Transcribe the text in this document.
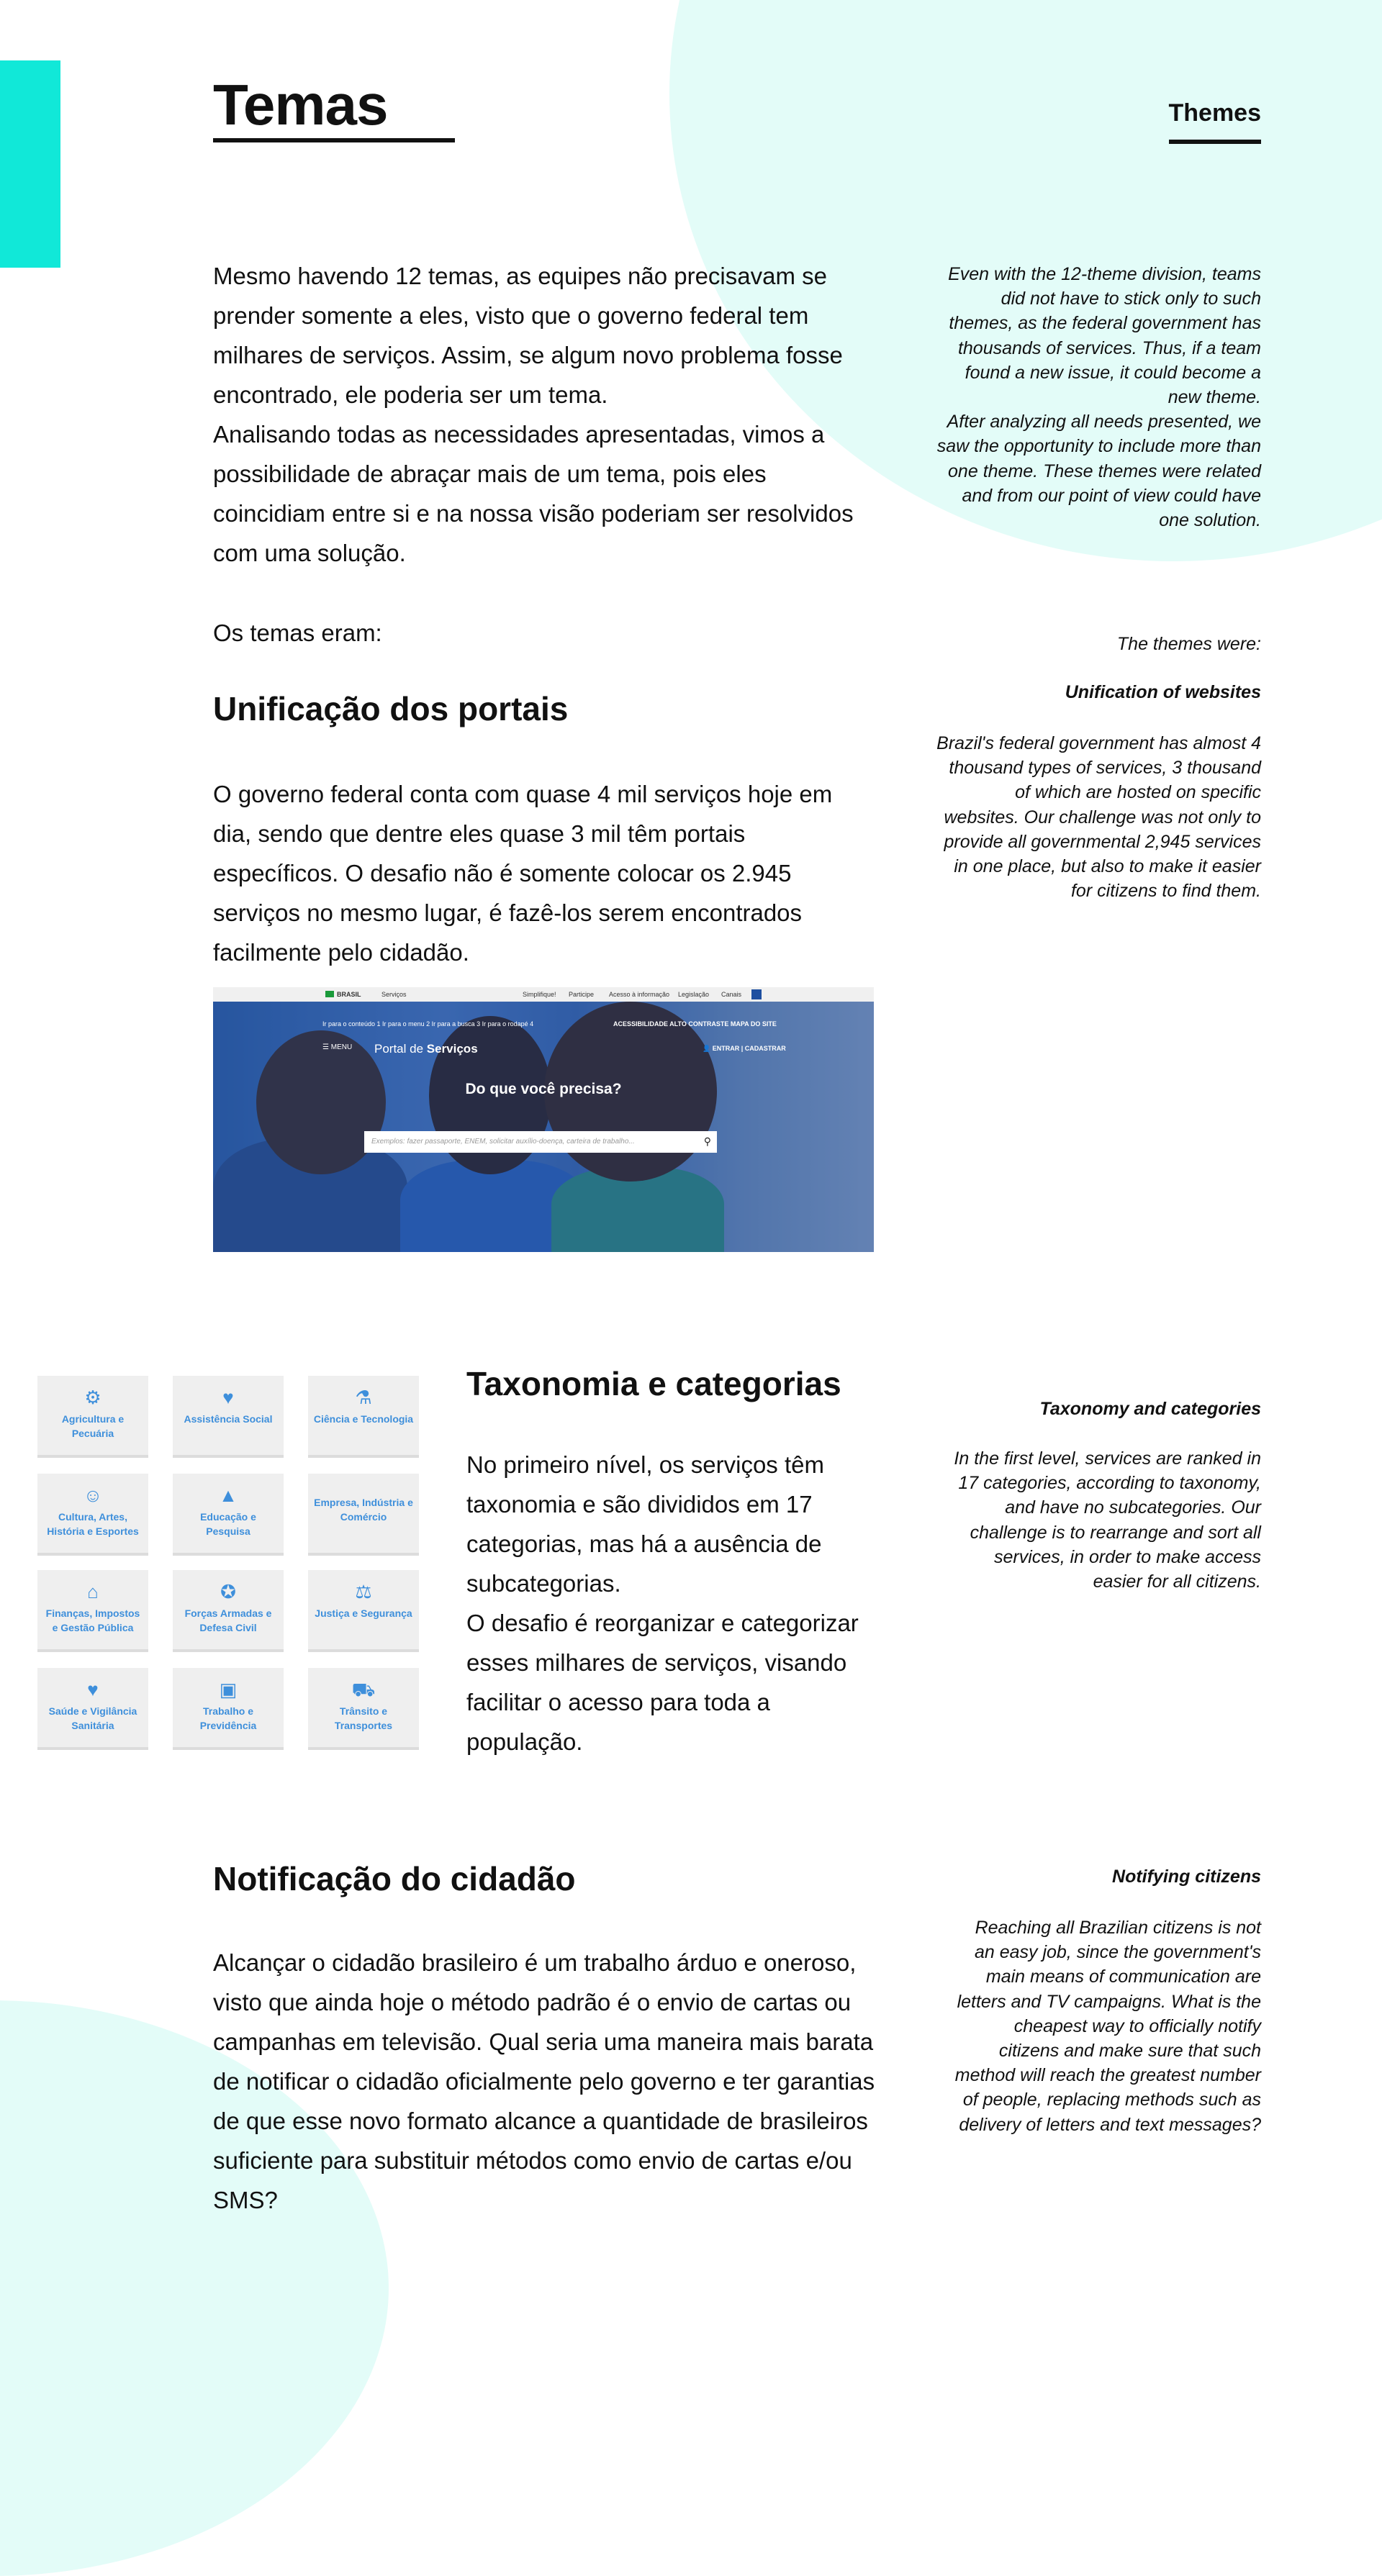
Temas	Themes

Mesmo havendo 12 temas, as equipes não precisavam se prender somente a eles, visto que o governo federal tem milhares de serviços. Assim, se algum novo problema fosse encontrado, ele poderia ser um tema.

Analisando todas as necessidades apresentadas, vimos a possibilidade de abraçar mais de um tema, pois eles coincidiam entre si e na nossa visão poderiam ser resolvidos com uma solução.

Even with the 12-theme division, teams did not have to stick only to such themes, as the federal government has thousands of services. Thus, if a team found a new issue, it could become a new theme.

After analyzing all needs presented, we saw the opportunity to include more than one theme. These themes were related and from our point of view could have one solution.

Os temas eram:	The themes were:

Unificação dos portais	Unification of websites

O governo federal conta com quase 4 mil serviços hoje em dia, sendo que dentre eles quase 3 mil têm portais específicos. O desafio não é somente colocar os 2.945 serviços no mesmo lugar, é fazê-los serem encontrados facilmente pelo cidadão.

Brazil's federal government has almost 4 thousand types of services, 3 thousand of which are hosted on specific websites. Our challenge was not only to provide all governmental 2,945 services in one place, but also to make it easier for citizens to find them.

BRASIL	Serviços	Simplifique! Participe Acesso à informação Legislação Canais
Ir para o conteúdo 1 Ir para o menu 2 Ir para a busca 3 Ir para o rodapé 4	ACESSIBILIDADE ALTO CONTRASTE MAPA DO SITE
☰ MENU Portal de Serviços	👤 ENTRAR | CADASTRAR
Do que você precisa?
Exemplos: fazer passaporte, ENEM, solicitar auxílio-doença, carteira de trabalho...	⚲
⚙
Agricultura e Pecuária
♥
Assistência Social
⚗
Ciência e Tecnologia
☺
Cultura, Artes, História e Esportes
▲
Educação e Pesquisa
Empresa, Indústria e Comércio
⌂
Finanças, Impostos e Gestão Pública
✪
Forças Armadas e Defesa Civil
⚖
Justiça e Segurança
♥
Saúde e Vigilância Sanitária
▣
Trabalho e Previdência
⛟
Trânsito e Transportes
Taxonomia e categorias
Taxonomy and categories

No primeiro nível, os serviços têm taxonomia e são divididos em 17 categorias, mas há a ausência de subcategorias.

O desafio é reorganizar e categorizar esses milhares de serviços, visando facilitar o acesso para toda a população.

In the first level, services are ranked in 17 categories, according to taxonomy, and have no subcategories. Our challenge is to rearrange and sort all services, in order to make access easier for all citizens.

Notificação do cidadão	Notifying citizens

Alcançar o cidadão brasileiro é um trabalho árduo e oneroso, visto que ainda hoje o método padrão é o envio de cartas ou campanhas em televisão. Qual seria uma maneira mais barata de notificar o cidadão oficialmente pelo governo e ter garantias de que esse novo formato alcance a quantidade de brasileiros suficiente para substituir métodos como envio de cartas e/ou SMS?

Reaching all Brazilian citizens is not an easy job, since the government's main means of communication are letters and TV campaigns. What is the cheapest way to officially notify citizens and make sure that such method will reach the greatest number of people, replacing methods such as delivery of letters and text messages?
